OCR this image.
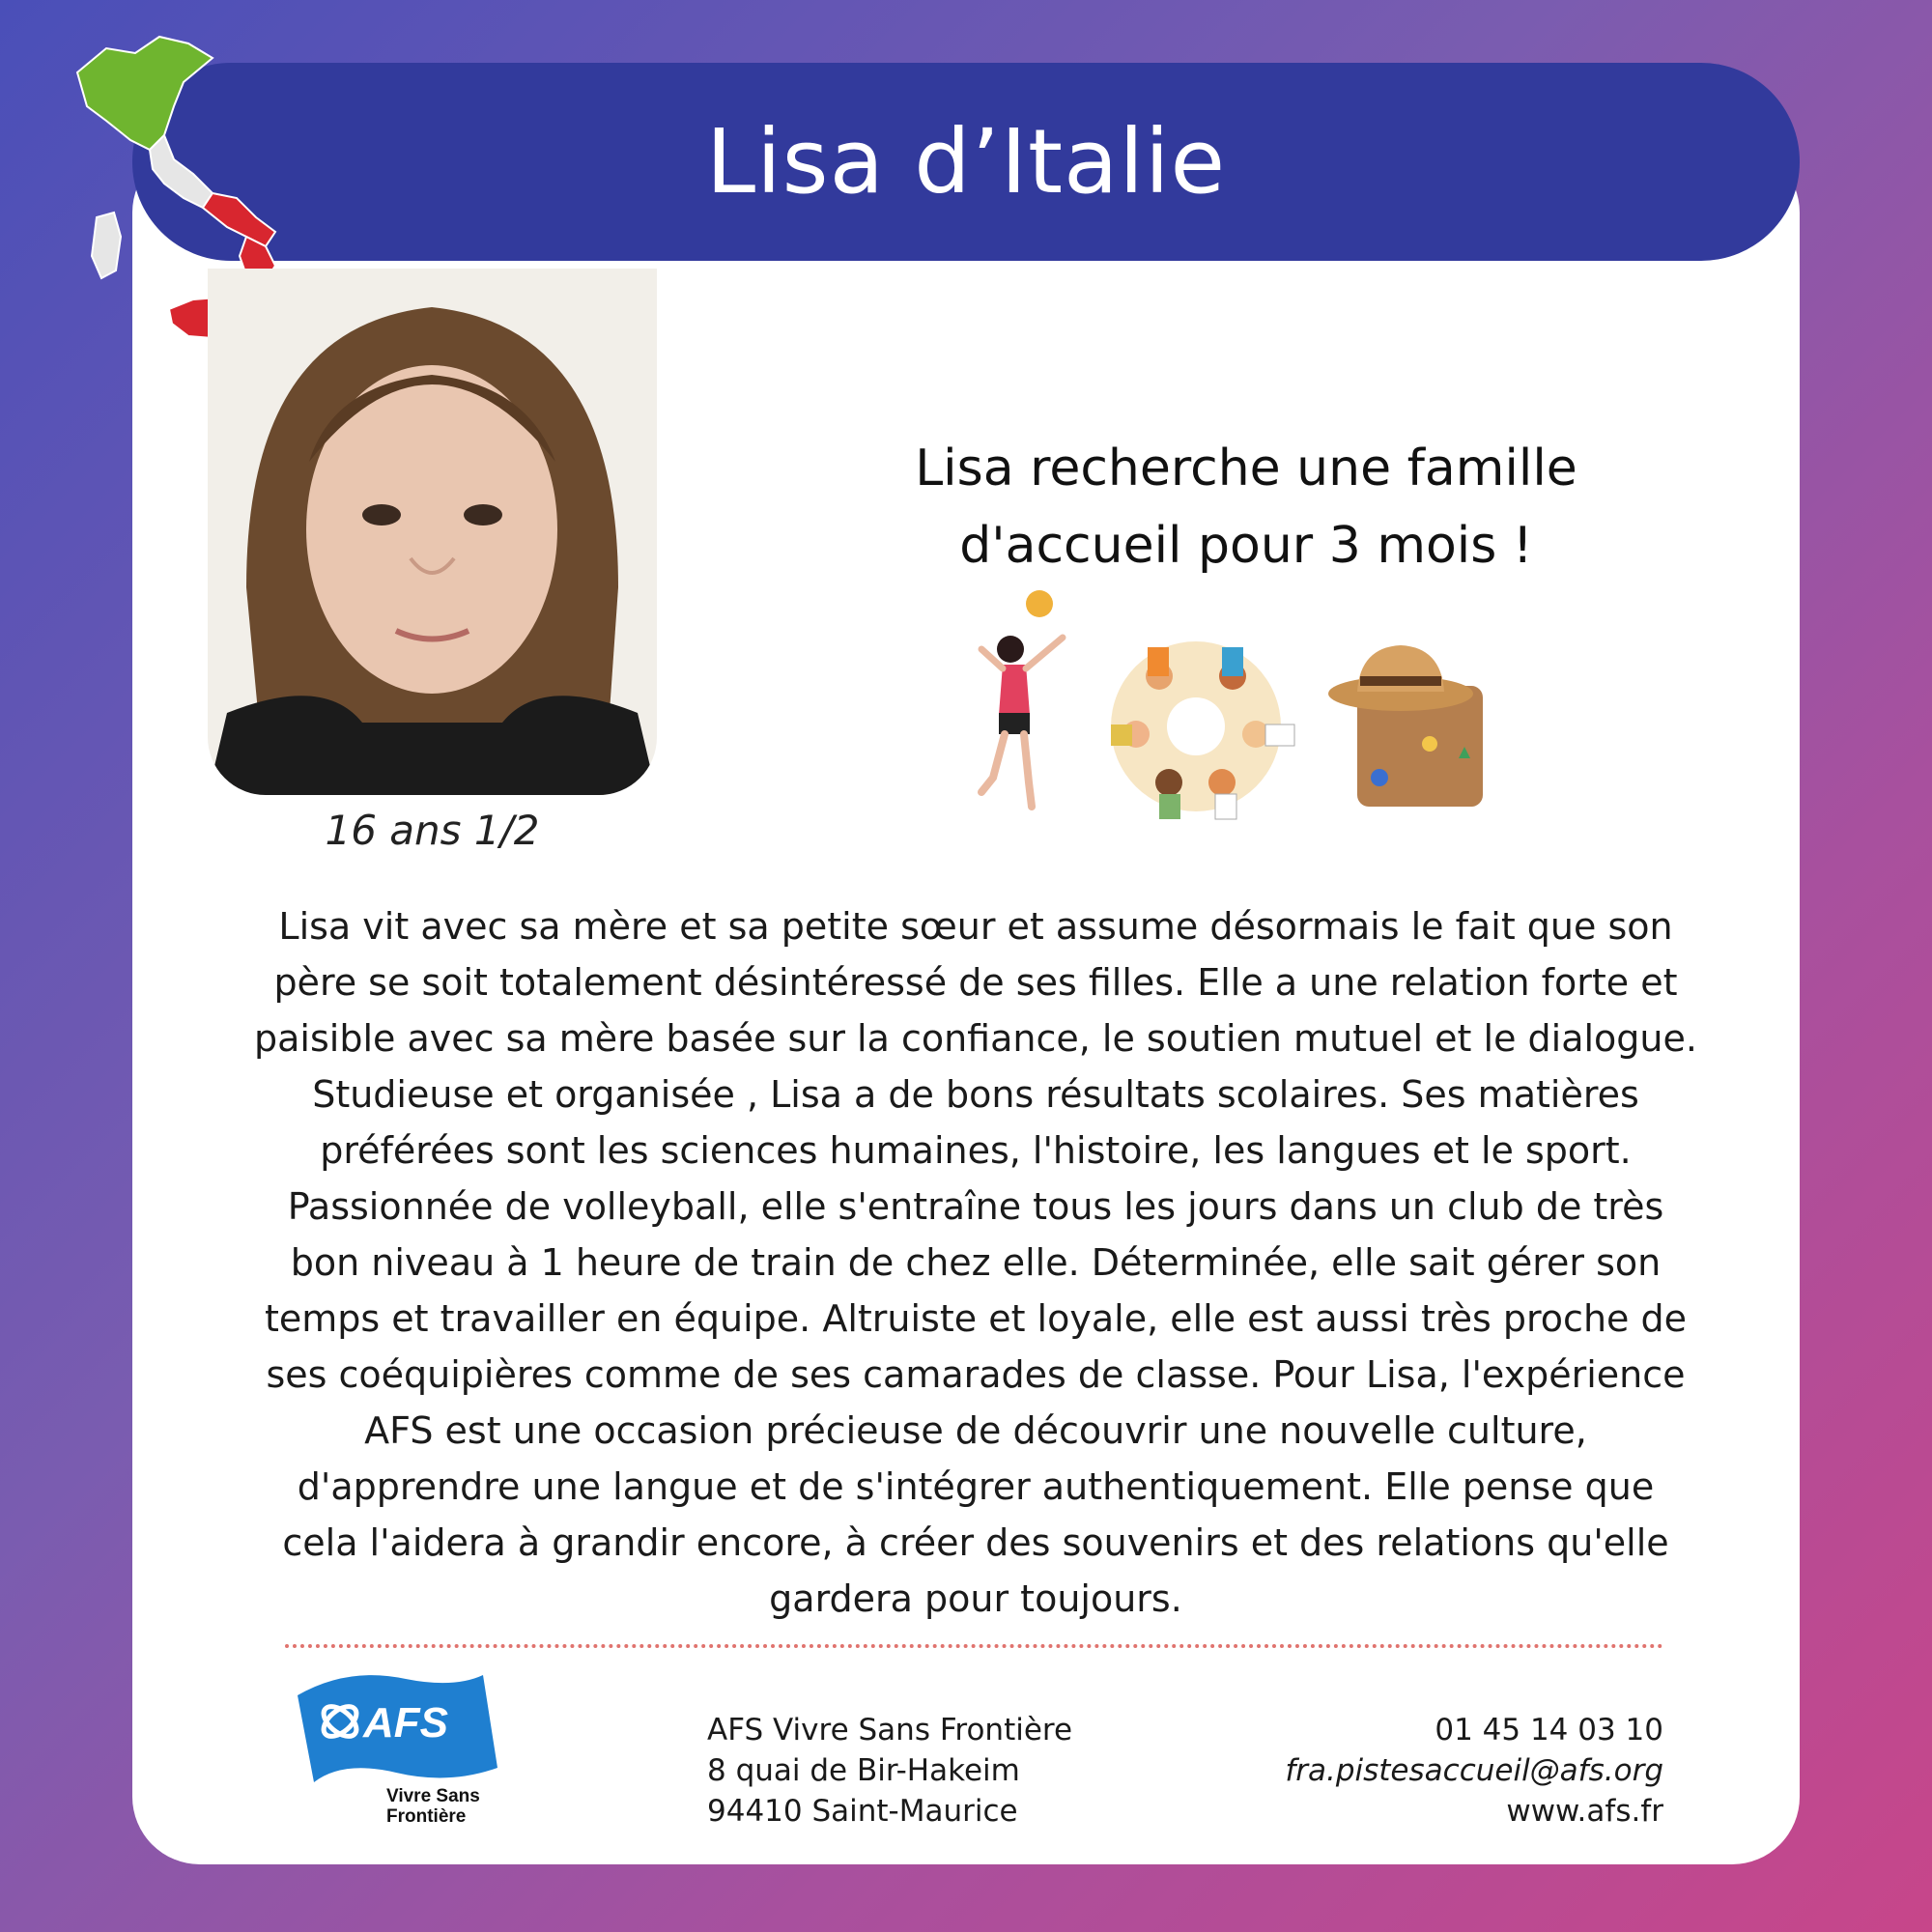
Lisa d’Italie
16 ans 1/2
Lisa recherche une famille
d'accueil pour 3 mois !
Lisa vit avec sa mère et sa petite sœur et assume désormais le fait que son
père se soit totalement désintéressé de ses filles. Elle a une relation forte et
paisible avec sa mère basée sur la confiance, le soutien mutuel et le dialogue.
Studieuse et organisée , Lisa a de bons résultats scolaires. Ses matières
préférées sont les sciences humaines, l'histoire, les langues et le sport.
Passionnée de volleyball, elle s'entraîne tous les jours dans un club de très
bon niveau à 1 heure de train de chez elle. Déterminée, elle sait gérer son
temps et travailler en équipe. Altruiste et loyale, elle est aussi très proche de
ses coéquipières comme de ses camarades de classe. Pour Lisa, l'expérience
AFS est une occasion précieuse de découvrir une nouvelle culture,
d'apprendre une langue et de s'intégrer authentiquement. Elle pense que
cela l'aidera à grandir encore, à créer des souvenirs et des relations qu'elle
gardera pour toujours.
AFS
Vivre Sans
Frontière
AFS Vivre Sans Frontière
8 quai de Bir-Hakeim
94410 Saint-Maurice
01 45 14 03 10
fra.pistesaccueil@afs.org
www.afs.fr
